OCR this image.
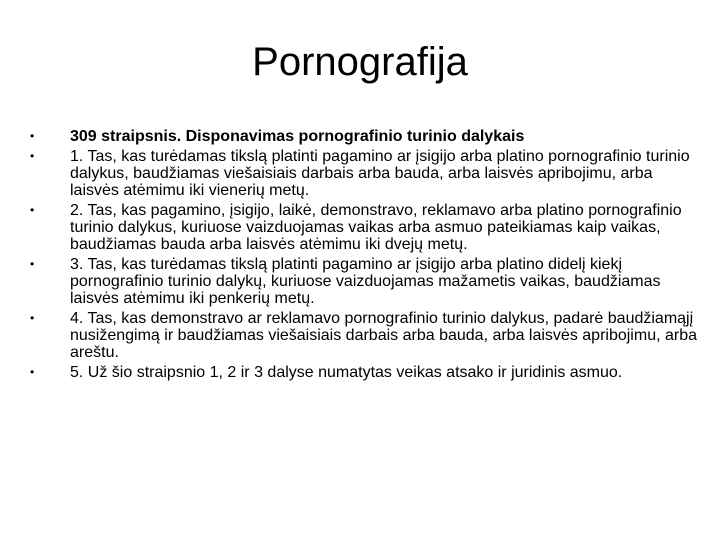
Pornografija
•	309 straipsnis. Disponavimas pornografinio turinio dalykais
•	1. Tas, kas turėdamas tikslą platinti pagamino ar įsigijo arba platino pornografinio turinio dalykus, baudžiamas viešaisiais darbais arba bauda, arba laisvės apribojimu, arba laisvės atėmimu iki vienerių metų.
•	2. Tas, kas pagamino, įsigijo, laikė, demonstravo, reklamavo arba platino pornografinio turinio dalykus, kuriuose vaizduojamas vaikas arba asmuo pateikiamas kaip vaikas, baudžiamas bauda arba laisvės atėmimu iki dvejų metų.
•	3. Tas, kas turėdamas tikslą platinti pagamino ar įsigijo arba platino didelį kiekį pornografinio turinio dalykų, kuriuose vaizduojamas mažametis vaikas, baudžiamas laisvės atėmimu iki penkerių metų.
•	4. Tas, kas demonstravo ar reklamavo pornografinio turinio dalykus, padarė baudžiamąjį nusižengimą ir baudžiamas viešaisiais darbais arba bauda, arba laisvės apribojimu, arba areštu.
•	5. Už šio straipsnio 1, 2 ir 3 dalyse numatytas veikas atsako ir juridinis asmuo.
